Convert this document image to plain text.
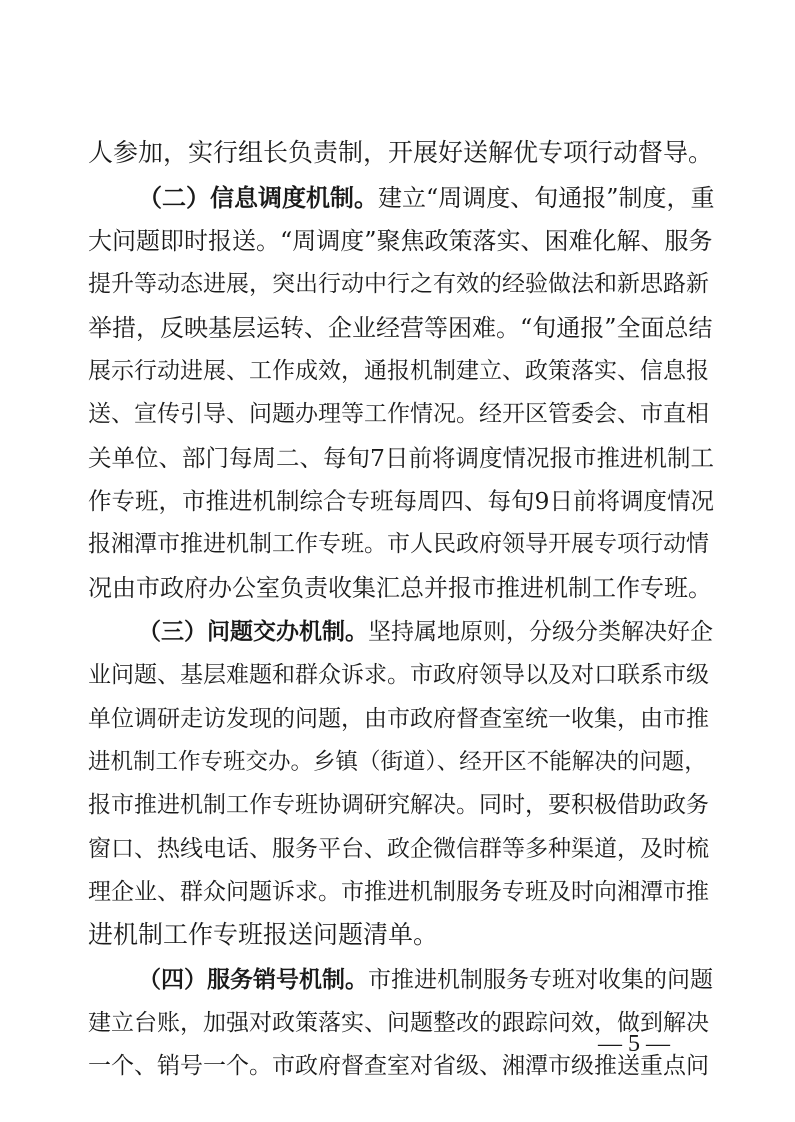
人参加，实行组长负责制，开展好送解优专项行动督导。
（二）信息调度机制。建立“周调度、旬通报”制度，重
大问题即时报送。“周调度”聚焦政策落实、困难化解、服务
提升等动态进展，突出行动中行之有效的经验做法和新思路新
举措，反映基层运转、企业经营等困难。“旬通报”全面总结
展示行动进展、工作成效，通报机制建立、政策落实、信息报
送、宣传引导、问题办理等工作情况。经开区管委会、市直相
关单位、部门每周二、每旬7日前将调度情况报市推进机制工
作专班，市推进机制综合专班每周四、每旬9日前将调度情况
报湘潭市推进机制工作专班。市人民政府领导开展专项行动情
况由市政府办公室负责收集汇总并报市推进机制工作专班。
（三）问题交办机制。坚持属地原则，分级分类解决好企
业问题、基层难题和群众诉求。市政府领导以及对口联系市级
单位调研走访发现的问题，由市政府督查室统一收集，由市推
进机制工作专班交办。乡镇（街道）、经开区不能解决的问题，
报市推进机制工作专班协调研究解决。同时，要积极借助政务
窗口、热线电话、服务平台、政企微信群等多种渠道，及时梳
理企业、群众问题诉求。市推进机制服务专班及时向湘潭市推
进机制工作专班报送问题清单。
（四）服务销号机制。市推进机制服务专班对收集的问题
建立台账，加强对政策落实、问题整改的跟踪问效，做到解决
一个、销号一个。市政府督查室对省级、湘潭市级推送重点问
— 5 —
